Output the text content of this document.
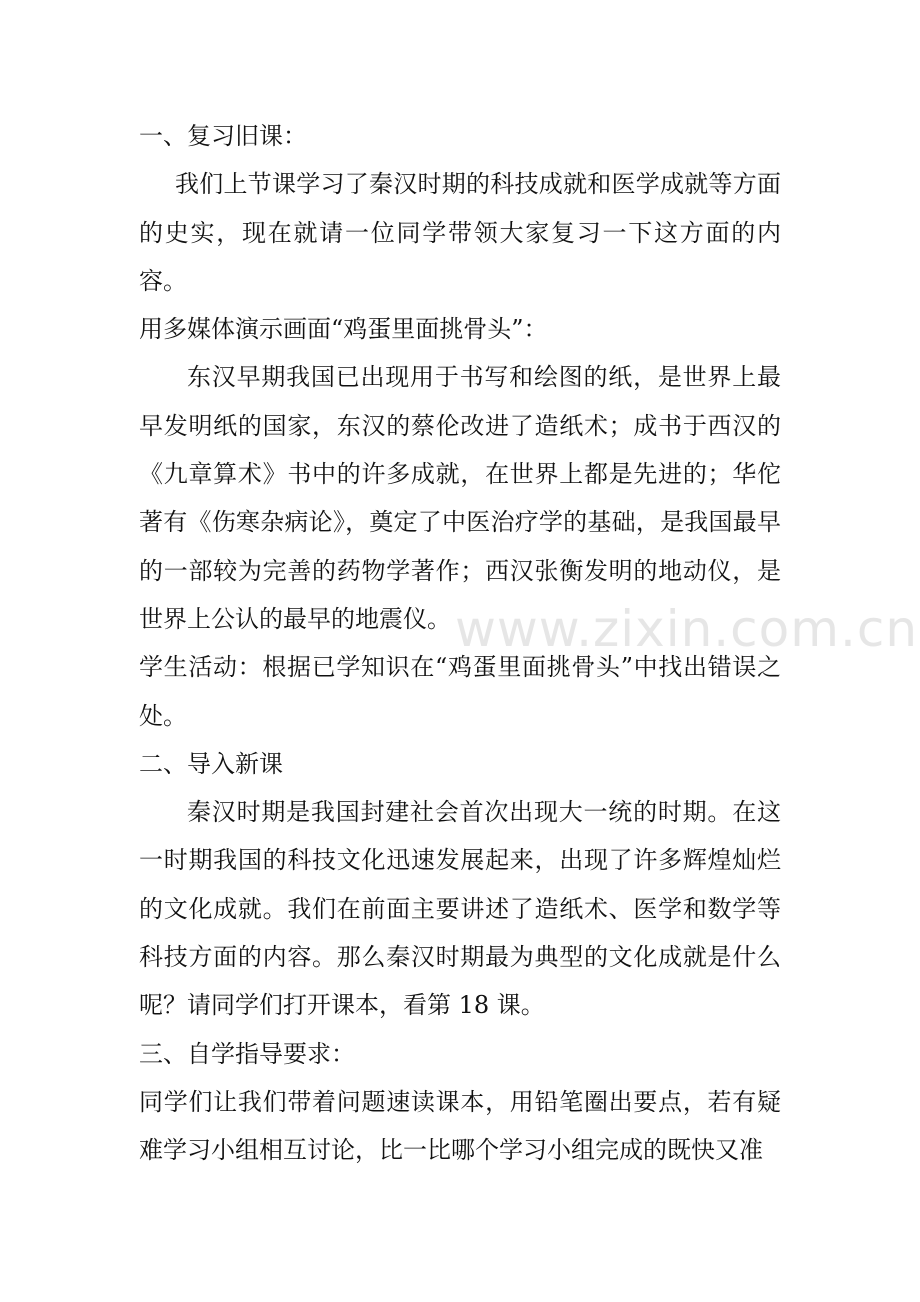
www.zixin.com.cn

一、复习旧课：

我们上节课学习了秦汉时期的科技成就和医学成就等方面的史实，现在就请一位同学带领大家复习一下这方面的内容。

用多媒体演示画面“鸡蛋里面挑骨头”：

东汉早期我国已出现用于书写和绘图的纸，是世界上最早发明纸的国家，东汉的蔡伦改进了造纸术；成书于西汉的《九章算术》书中的许多成就，在世界上都是先进的；华佗著有《伤寒杂病论》，奠定了中医治疗学的基础，是我国最早的一部较为完善的药物学著作；西汉张衡发明的地动仪，是世界上公认的最早的地震仪。

学生活动：根据已学知识在“鸡蛋里面挑骨头”中找出错误之处。

二、导入新课

秦汉时期是我国封建社会首次出现大一统的时期。在这一时期我国的科技文化迅速发展起来，出现了许多辉煌灿烂的文化成就。我们在前面主要讲述了造纸术、医学和数学等科技方面的内容。那么秦汉时期最为典型的文化成就是什么呢？请同学们打开课本，看第 18 课。

三、自学指导要求：

同学们让我们带着问题速读课本，用铅笔圈出要点，若有疑难学习小组相互讨论，比一比哪个学习小组完成的既快又准
